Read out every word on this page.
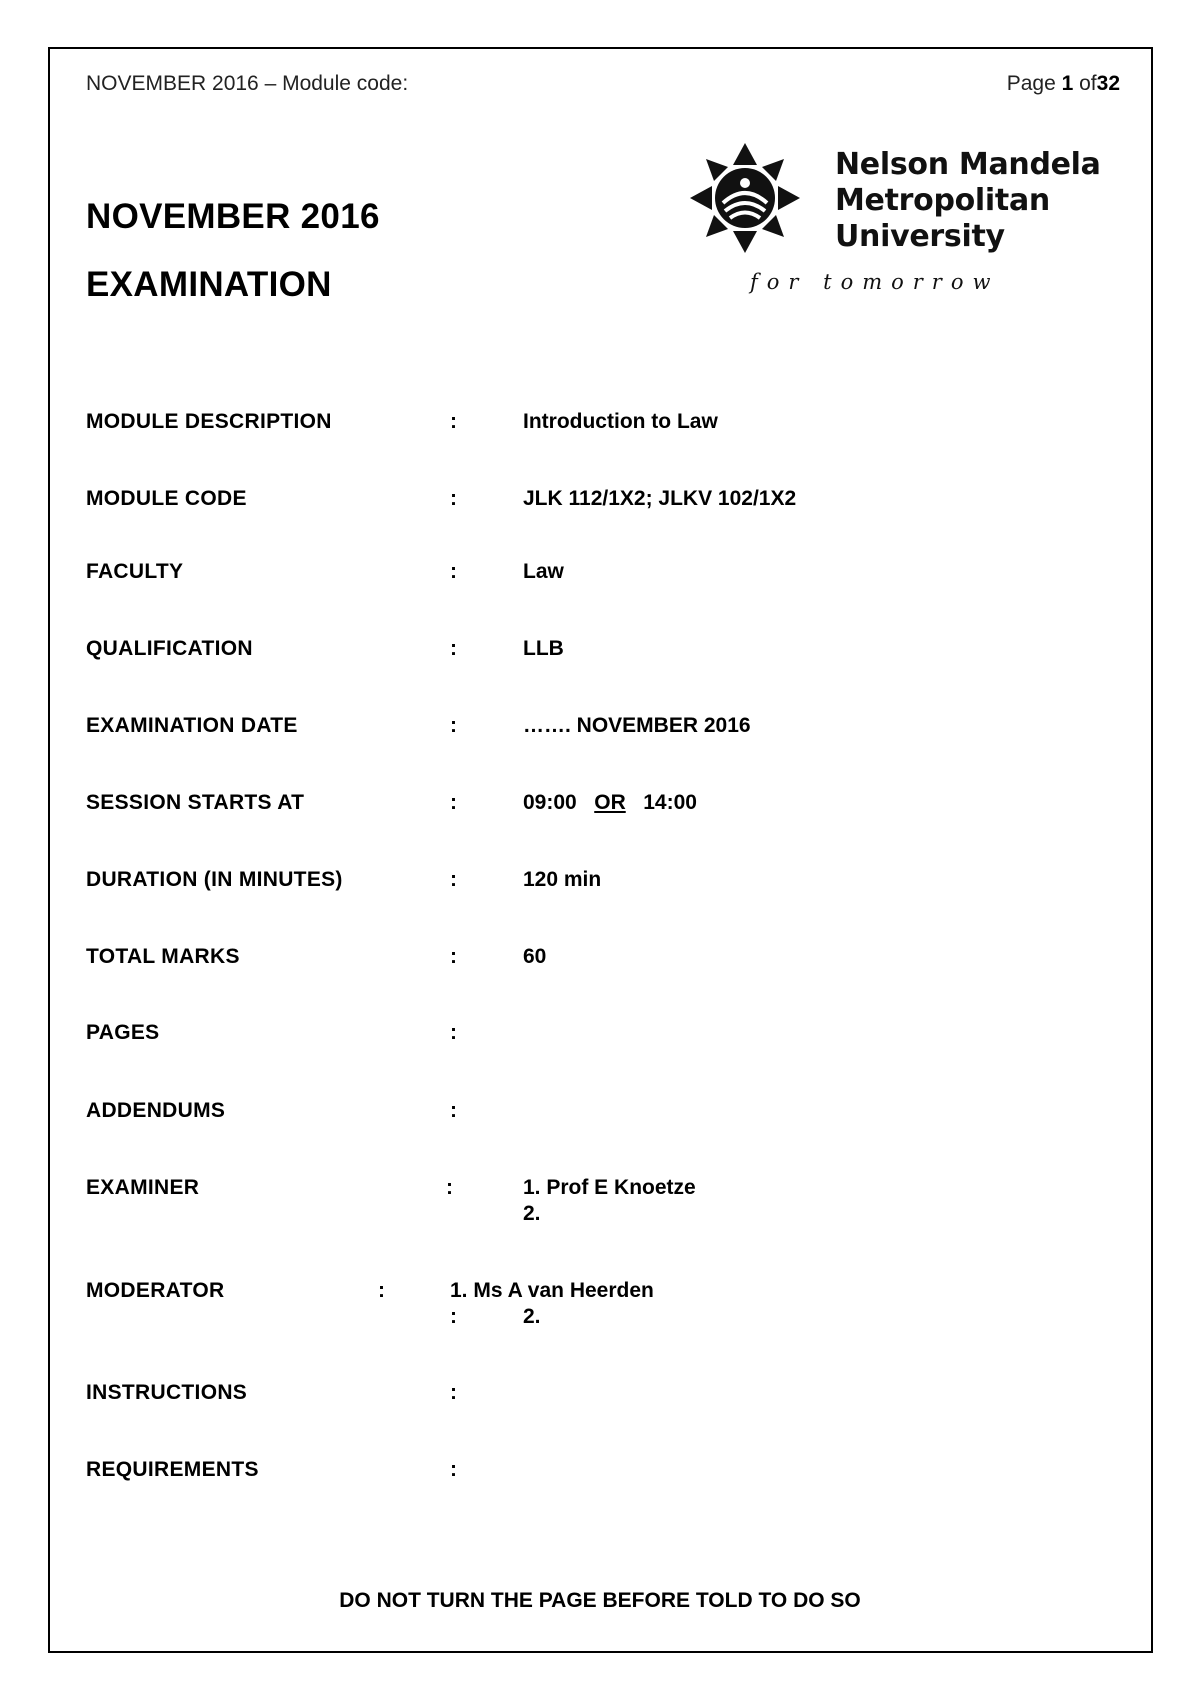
NOVEMBER 2016 – Module code:	Page 1 of32
NOVEMBER 2016
EXAMINATION
Nelson Mandela
Metropolitan
University
for tomorrow
MODULE DESCRIPTION	:	Introduction to Law
MODULE CODE	:	JLK 112/1X2; JLKV 102/1X2
FACULTY	:	Law
QUALIFICATION	:	LLB
EXAMINATION DATE	:	……. NOVEMBER 2016
SESSION STARTS AT	:	09:00 OR 14:00
DURATION (IN MINUTES)	:	120 min
TOTAL MARKS	:	60
PAGES	:
ADDENDUMS	:
EXAMINER	:	1. Prof E Knoetze
2.
MODERATOR	:	1. Ms A van Heerden
:	2.
INSTRUCTIONS	:
REQUIREMENTS	:
DO NOT TURN THE PAGE BEFORE TOLD TO DO SO
